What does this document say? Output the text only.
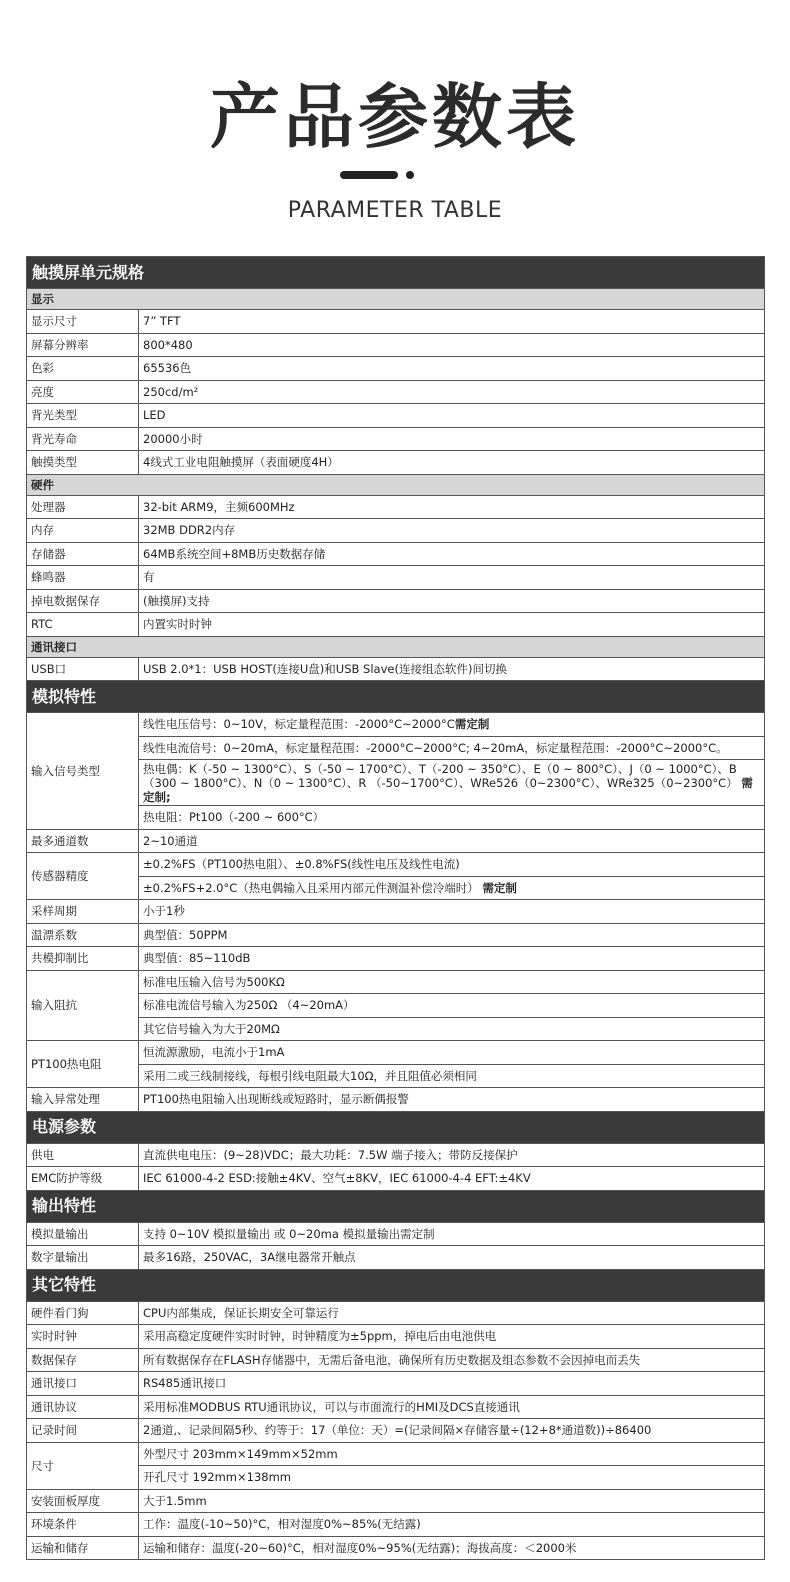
产品参数表
PARAMETER TABLE
触摸屏单元规格	
显示	
显示尺寸	7” TFT
屏幕分辨率	800*480
色彩	65536色
亮度	250cd/m²
背光类型	LED
背光寿命	20000小时
触摸类型	4线式工业电阻触摸屏（表面硬度4H）
硬件	
处理器	32-bit ARM9，主频600MHz
内存	32MB DDR2内存
存储器	64MB系统空间+8MB历史数据存储
蜂鸣器	有
掉电数据保存	(触摸屏)支持
RTC	内置实时时钟
通讯接口	
USB口	USB 2.0*1：USB HOST(连接U盘)和USB Slave(连接组态软件)间切换
模拟特性	
输入信号类型	线性电压信号：0~10V，标定量程范围：-2000°C~2000°C需定制
	线性电流信号：0~20mA，标定量程范围：-2000°C~2000°C; 4~20mA，标定量程范围：-2000°C~2000°C。
	热电偶：K（-50 ~ 1300°C）、S（-50 ~ 1700°C）、T（-200 ~ 350°C）、E（0 ~ 800°C）、J（0 ~ 1000°C）、B（300 ~ 1800°C）、N（0 ~ 1300°C）、R （-50~1700°C）、WRe526（0~2300°C）、WRe325（0~2300°C） 需定制;
	热电阻：Pt100（-200 ~ 600°C）
最多通道数	2~10通道
传感器精度	±0.2%FS（PT100热电阻）、±0.8%FS(线性电压及线性电流)
	±0.2%FS+2.0°C（热电偶输入且采用内部元件测温补偿冷端时） 需定制
采样周期	小于1秒
温漂系数	典型值：50PPM
共模抑制比	典型值：85~110dB
输入阻抗	标准电压输入信号为500KΩ
	标准电流信号输入为250Ω （4~20mA）
	其它信号输入为大于20MΩ
PT100热电阻	恒流源激励，电流小于1mA
	采用二或三线制接线，每根引线电阻最大10Ω，并且阻值必须相同
输入异常处理	PT100热电阻输入出现断线或短路时，显示断偶报警
电源参数	
供电	直流供电电压：(9~28)VDC；最大功耗：7.5W 端子接入；带防反接保护
EMC防护等级	IEC 61000-4-2 ESD:接触±4KV、空气±8KV，IEC 61000-4-4 EFT:±4KV
输出特性	
模拟量输出	支持 0~10V 模拟量输出 或 0~20ma 模拟量输出需定制
数字量输出	最多16路，250VAC，3A继电器常开触点
其它特性	
硬件看门狗	CPU内部集成，保证长期安全可靠运行
实时时钟	采用高稳定度硬件实时时钟，时钟精度为±5ppm，掉电后由电池供电
数据保存	所有数据保存在FLASH存储器中，无需后备电池，确保所有历史数据及组态参数不会因掉电而丢失
通讯接口	RS485通讯接口
通讯协议	采用标准MODBUS RTU通讯协议，可以与市面流行的HMI及DCS直接通讯
记录时间	2通道,、记录间隔5秒、约等于：17（单位：天）=(记录间隔×存储容量÷(12+8*通道数))÷86400
尺寸	外型尺寸 203mm×149mm×52mm
	开孔尺寸 192mm×138mm
安装面板厚度	大于1.5mm
环境条件	工作：温度(-10~50)°C，相对湿度0%~85%(无结露)
运输和储存	运输和储存：温度(-20~60)°C，相对湿度0%~95%(无结露)；海拔高度：＜2000米
